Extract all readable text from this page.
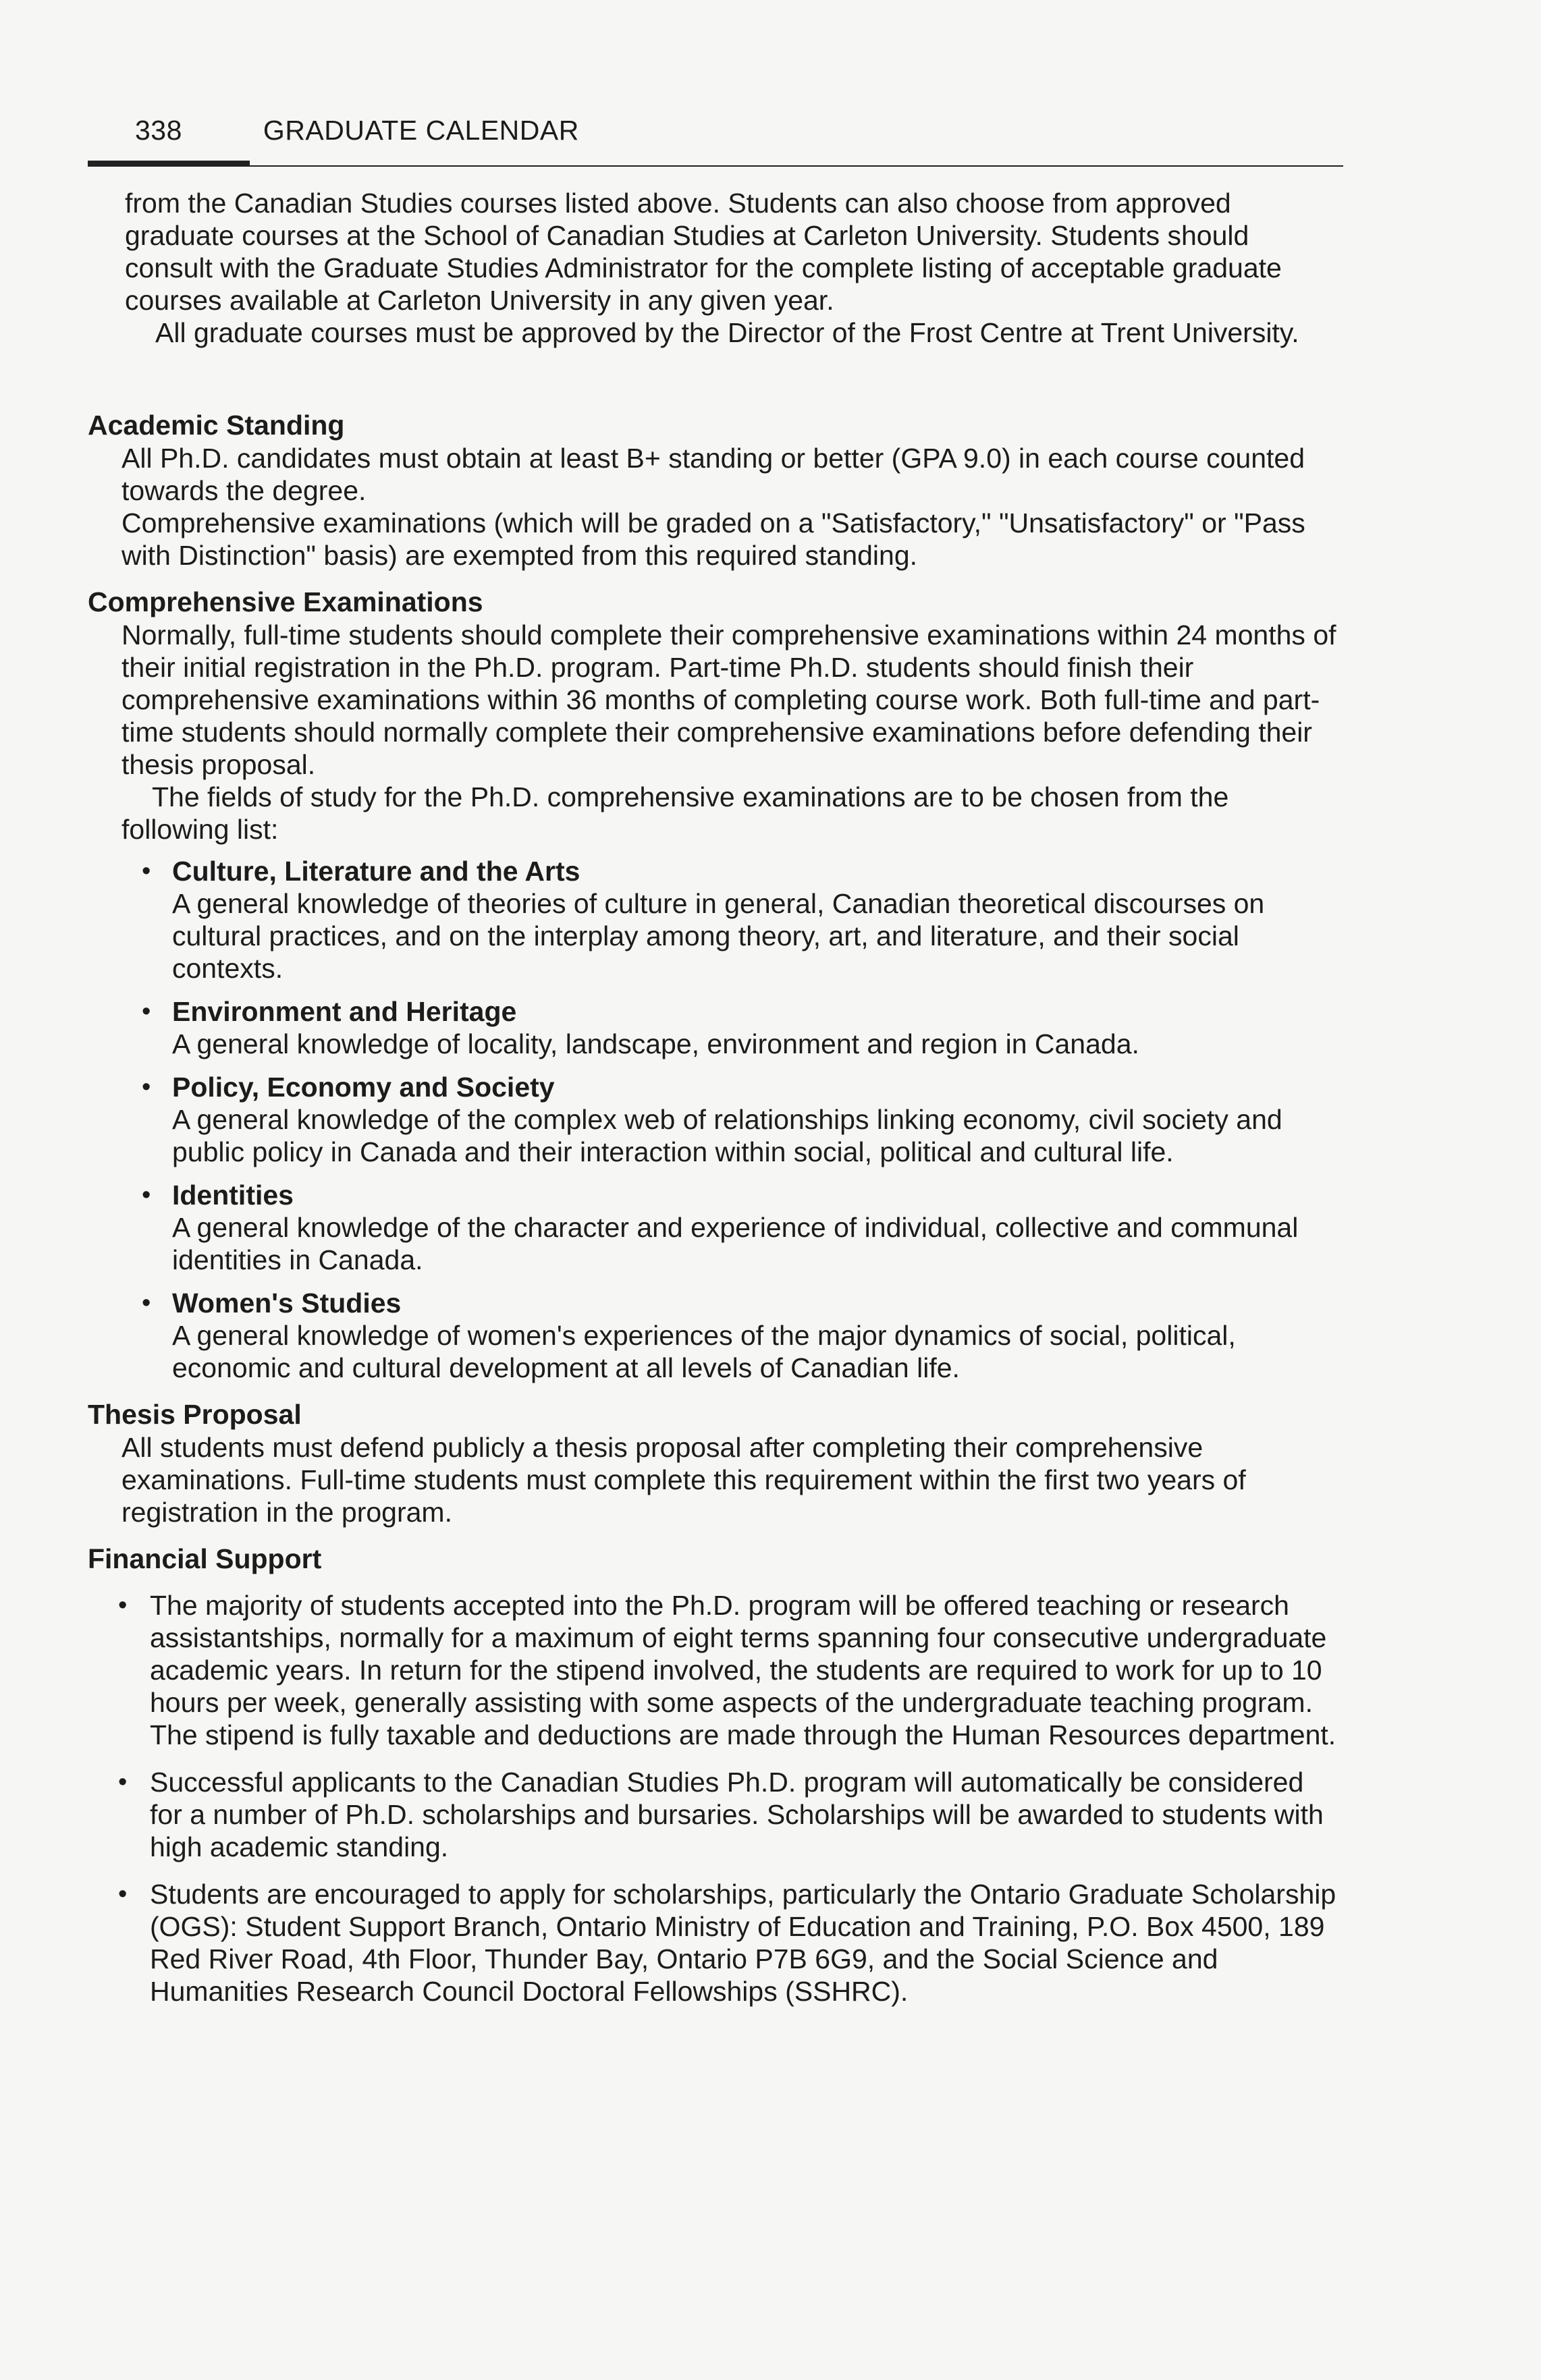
338	GRADUATE CALENDAR

from the Canadian Studies courses listed above. Students can also choose from approved graduate courses at the School of Canadian Studies at Carleton University. Students should consult with the Graduate Studies Administrator for the complete listing of acceptable graduate courses available at Carleton University in any given year.

All graduate courses must be approved by the Director of the Frost Centre at Trent University.

Academic Standing

All Ph.D. candidates must obtain at least B+ standing or better (GPA 9.0) in each course counted towards the degree.

Comprehensive examinations (which will be graded on a "Satisfactory," "Unsatisfactory" or "Pass with Distinction" basis) are exempted from this required standing.

Comprehensive Examinations

Normally, full-time students should complete their comprehensive examinations within 24 months of their initial registration in the Ph.D. program. Part-time Ph.D. students should finish their comprehensive examinations within 36 months of completing course work. Both full-time and part-time students should normally complete their comprehensive examinations before defending their thesis proposal.

The fields of study for the Ph.D. comprehensive examinations are to be chosen from the following list:

• Culture, Literature and the Arts
A general knowledge of theories of culture in general, Canadian theoretical discourses on cultural practices, and on the interplay among theory, art, and literature, and their social contexts.
• Environment and Heritage
A general knowledge of locality, landscape, environment and region in Canada.
• Policy, Economy and Society
A general knowledge of the complex web of relationships linking economy, civil society and public policy in Canada and their interaction within social, political and cultural life.
• Identities
A general knowledge of the character and experience of individual, collective and communal identities in Canada.
• Women's Studies
A general knowledge of women's experiences of the major dynamics of social, political, economic and cultural development at all levels of Canadian life.
Thesis Proposal

All students must defend publicly a thesis proposal after completing their comprehensive examinations. Full-time students must complete this requirement within the first two years of registration in the program.

Financial Support
• The majority of students accepted into the Ph.D. program will be offered teaching or research assistantships, normally for a maximum of eight terms spanning four consecutive undergraduate academic years. In return for the stipend involved, the students are required to work for up to 10 hours per week, generally assisting with some aspects of the undergraduate teaching program. The stipend is fully taxable and deductions are made through the Human Resources department.
• Successful applicants to the Canadian Studies Ph.D. program will automatically be considered for a number of Ph.D. scholarships and bursaries. Scholarships will be awarded to students with high academic standing.
• Students are encouraged to apply for scholarships, particularly the Ontario Graduate Scholarship (OGS): Student Support Branch, Ontario Ministry of Education and Training, P.O. Box 4500, 189 Red River Road, 4th Floor, Thunder Bay, Ontario P7B 6G9, and the Social Science and Humanities Research Council Doctoral Fellowships (SSHRC).
